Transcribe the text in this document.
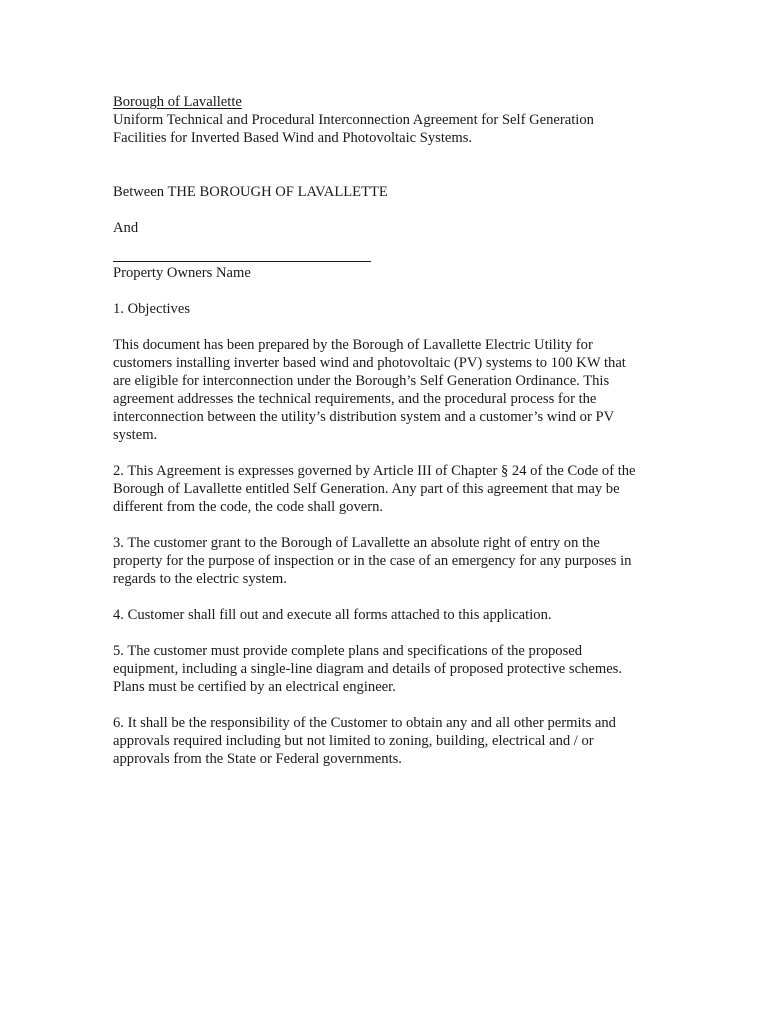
Borough of Lavallette
Uniform Technical and Procedural Interconnection Agreement for Self Generation
Facilities for Inverted Based Wind and Photovoltaic Systems.
Between THE BOROUGH OF LAVALLETTE
And
Property Owners Name
1. Objectives
This document has been prepared by the Borough of Lavallette Electric Utility for
customers installing inverter based wind and photovoltaic (PV) systems to 100 KW that
are eligible for interconnection under the Borough’s Self Generation Ordinance. This
agreement addresses the technical requirements, and the procedural process for the
interconnection between the utility’s distribution system and a customer’s wind or PV
system.
2. This Agreement is expresses governed by Article III of Chapter § 24 of the Code of the
Borough of Lavallette entitled Self Generation. Any part of this agreement that may be
different from the code, the code shall govern.
3. The customer grant to the Borough of Lavallette an absolute right of entry on the
property for the purpose of inspection or in the case of an emergency for any purposes in
regards to the electric system.
4. Customer shall fill out and execute all forms attached to this application.
5. The customer must provide complete plans and specifications of the proposed
equipment, including a single-line diagram and details of proposed protective schemes.
Plans must be certified by an electrical engineer.
6. It shall be the responsibility of the Customer to obtain any and all other permits and
approvals required including but not limited to zoning, building, electrical and / or
approvals from the State or Federal governments.
